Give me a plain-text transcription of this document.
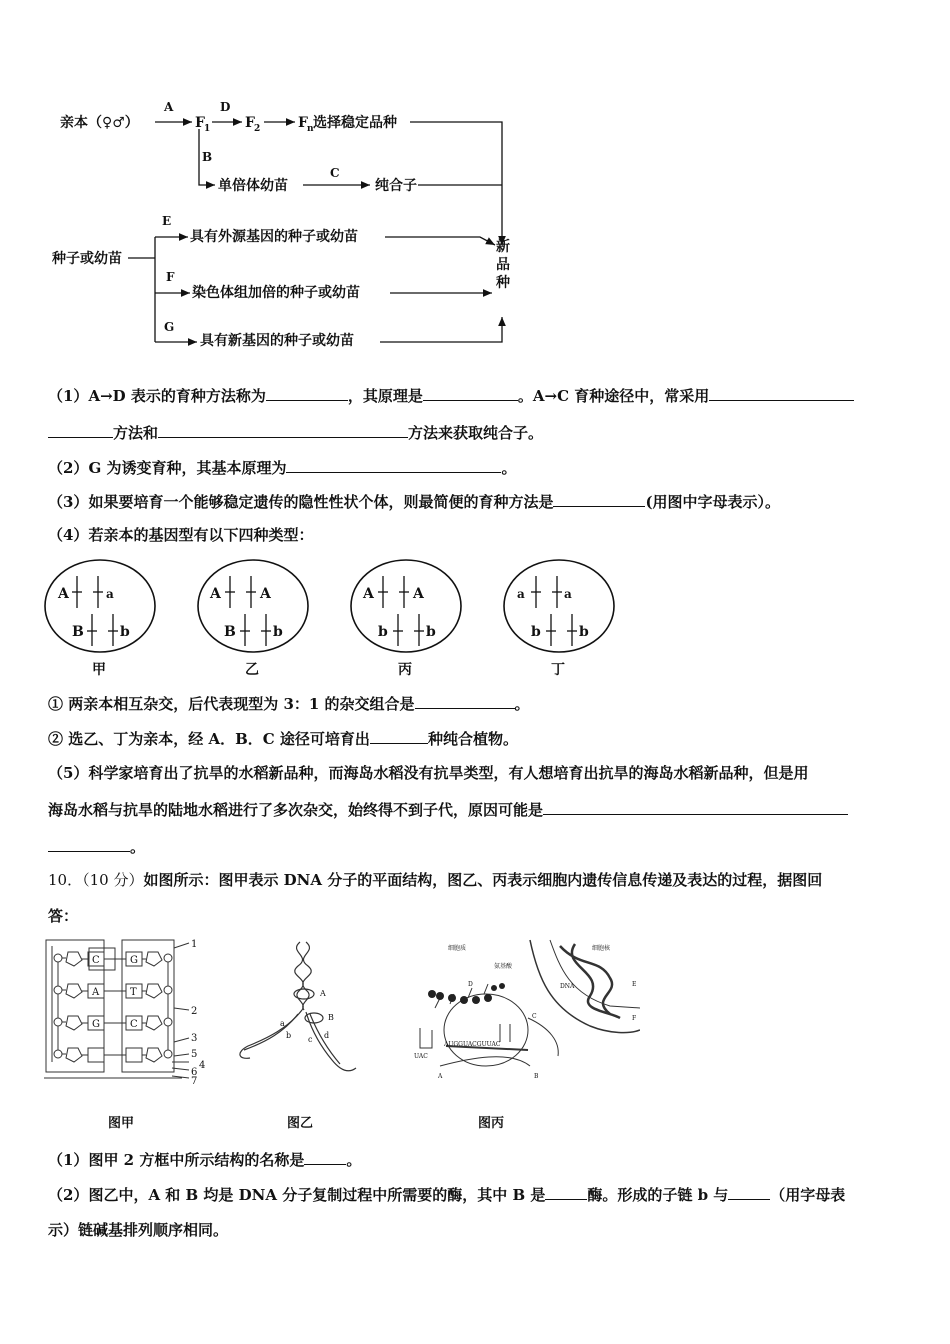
亲本（♀♂）
A
F 1
D
F 2	F n 选择稳定品种
B
单倍体幼苗
C
纯合子
种子或幼苗
E
具有外源基因的种子或幼苗
F
染色体组加倍的种子或幼苗
G
具有新基因的种子或幼苗
新
品
种
（1）A→D 表示的育种方法称为	，其原理是	。A→C 育种途径中，常采用
方法和	方法来获取纯合子。
（2）G 为诱变育种，其基本原理为	。
（3）如果要培育一个能够稳定遗传的隐性性状个体，则最简便的育种方法是	(用图中字母表示）。
（4）若亲本的基因型有以下四种类型：
A	a
B	b
甲
A	A
B	b
乙
A	A
b	b
丙
a	a
b	b
丁
① 两亲本相互杂交，后代表现型为 3：1 的杂交组合是	。
② 选乙、丁为亲本，经 A．B．C 途径可培育出	种纯合植物。
（5）科学家培育出了抗旱的水稻新品种，而海岛水稻没有抗旱类型，有人想培育出抗旱的海岛水稻新品种，但是用
海岛水稻与抗旱的陆地水稻进行了多次杂交，始终得不到子代，原因可能是
。
10．（10 分）如图所示：图甲表示 DNA 分子的平面结构，图乙、丙表示细胞内遗传信息传递及表达的过程，据图回
答：
C
A
G
G
T
C
1
2
3
4
5
6
7
A
B
a
b c d
细胞质
氨基酸
细胞核
DNA
UAC
AUGGUACGUUAC
A	B
C
D	E
F
图甲	图乙	图丙
（1）图甲 2 方框中所示结构的名称是	。
（2）图乙中，A 和 B 均是 DNA 分子复制过程中所需要的酶，其中 B 是	酶。形成的子链 b 与	（用字母表
示）链碱基排列顺序相同。
